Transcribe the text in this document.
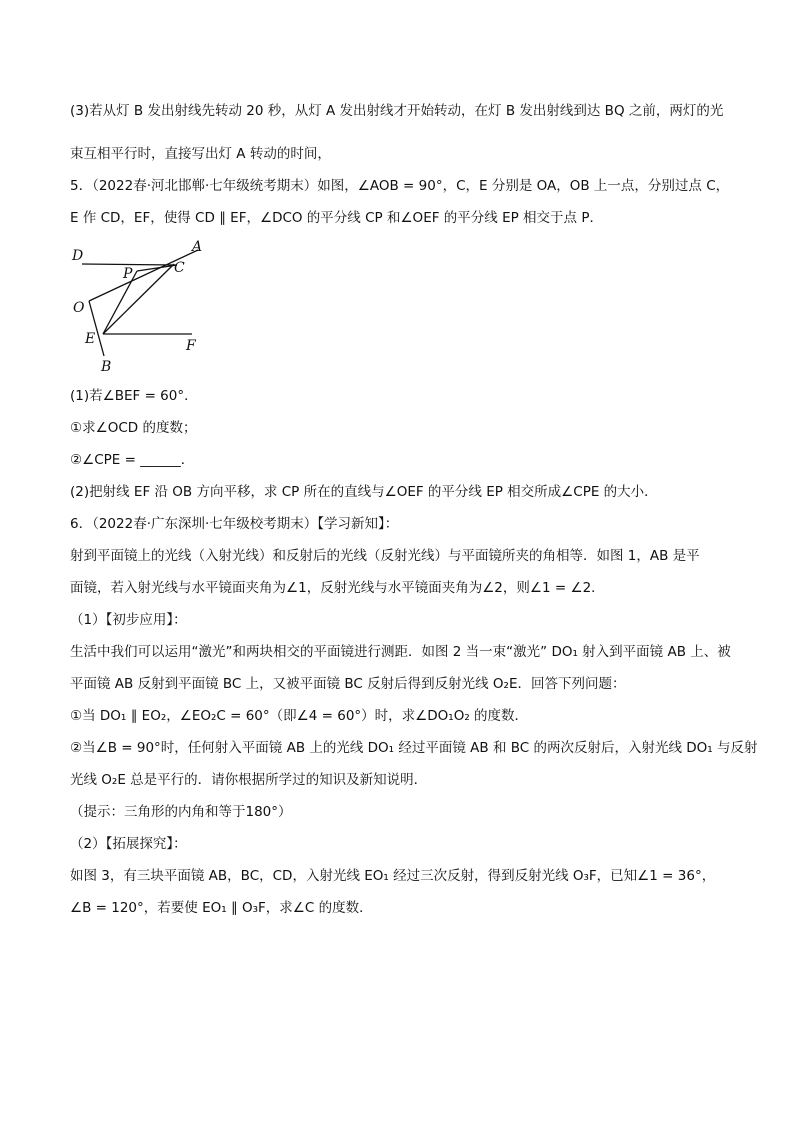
(3)若从灯 B 发出射线先转动 20 秒，从灯 A 发出射线才开始转动，在灯 B 发出射线到达 BQ 之前，两灯的光
束互相平行时，直接写出灯 A 转动的时间，
5．（2022春·河北邯郸·七年级统考期末）如图，∠AOB = 90°，C，E 分别是 OA，OB 上一点，分别过点 C，
E 作 CD，EF，使得 CD ∥ EF，∠DCO 的平分线 CP 和∠OEF 的平分线 EP 相交于点 P．
D
A
C
P
O
E	F
B
(1)若∠BEF = 60°．
①求∠OCD 的度数；
②∠CPE = ______．
(2)把射线 EF 沿 OB 方向平移，求 CP 所在的直线与∠OEF 的平分线 EP 相交所成∠CPE 的大小．
6．（2022春·广东深圳·七年级校考期末）【学习新知】：
射到平面镜上的光线（入射光线）和反射后的光线（反射光线）与平面镜所夹的角相等．如图 1，AB 是平
面镜，若入射光线与水平镜面夹角为∠1，反射光线与水平镜面夹角为∠2，则∠1 = ∠2．
（1）【初步应用】：
生活中我们可以运用“激光”和两块相交的平面镜进行测距．如图 2 当一束“激光” DO₁ 射入到平面镜 AB 上、被
平面镜 AB 反射到平面镜 BC 上，又被平面镜 BC 反射后得到反射光线 O₂E．回答下列问题：
①当 DO₁ ∥ EO₂，∠EO₂C = 60°（即∠4 = 60°）时，求∠DO₁O₂ 的度数．
②当∠B = 90°时，任何射入平面镜 AB 上的光线 DO₁ 经过平面镜 AB 和 BC 的两次反射后，入射光线 DO₁ 与反射
光线 O₂E 总是平行的．请你根据所学过的知识及新知说明．
（提示：三角形的内角和等于180°）
（2）【拓展探究】：
如图 3，有三块平面镜 AB，BC，CD，入射光线 EO₁ 经过三次反射，得到反射光线 O₃F，已知∠1 = 36°，
∠B = 120°，若要使 EO₁ ∥ O₃F，求∠C 的度数．
